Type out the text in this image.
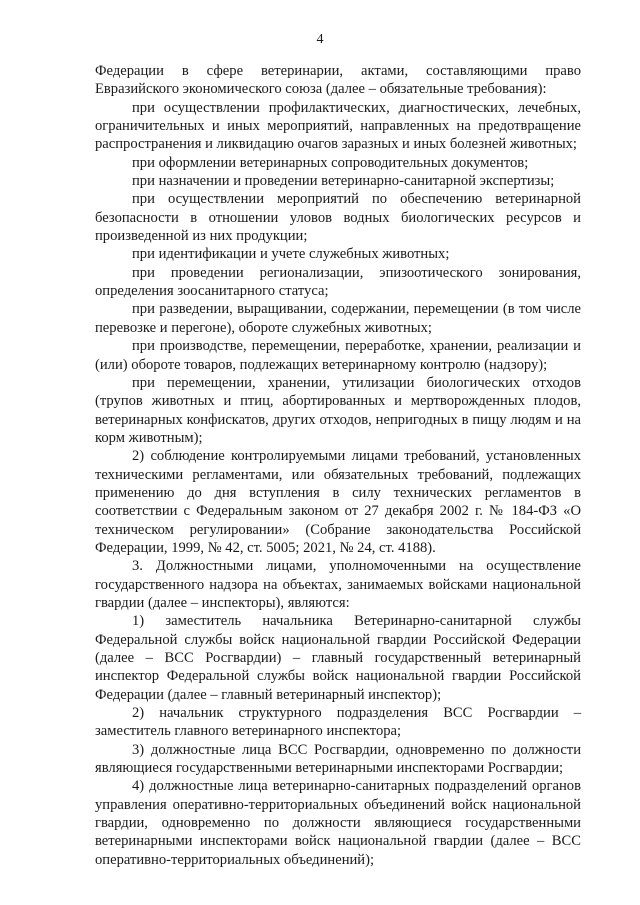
4

Федерации в сфере ветеринарии, актами, составляющими право Евразийского экономического союза (далее – обязательные требования):

при осуществлении профилактических, диагностических, лечебных, ограничительных и иных мероприятий, направленных на предотвращение распространения и ликвидацию очагов заразных и иных болезней животных;

при оформлении ветеринарных сопроводительных документов;

при назначении и проведении ветеринарно-санитарной экспертизы;

при осуществлении мероприятий по обеспечению ветеринарной безопасности в отношении уловов водных биологических ресурсов и произведенной из них продукции;

при идентификации и учете служебных животных;

при проведении регионализации, эпизоотического зонирования, определения зоосанитарного статуса;

при разведении, выращивании, содержании, перемещении (в том числе перевозке и перегоне), обороте служебных животных;

при производстве, перемещении, переработке, хранении, реализации и (или) обороте товаров, подлежащих ветеринарному контролю (надзору);

при перемещении, хранении, утилизации биологических отходов (трупов животных и птиц, абортированных и мертворожденных плодов, ветеринарных конфискатов, других отходов, непригодных в пищу людям и на корм животным);

2) соблюдение контролируемыми лицами требований, установленных техническими регламентами, или обязательных требований, подлежащих применению до дня вступления в силу технических регламентов в соответствии с Федеральным законом от 27 декабря 2002 г. № 184-ФЗ «О техническом регулировании» (Собрание законодательства Российской Федерации, 1999, № 42, ст. 5005; 2021, № 24, ст. 4188).

3. Должностными лицами, уполномоченными на осуществление государственного надзора на объектах, занимаемых войсками национальной гвардии (далее – инспекторы), являются:

1) заместитель начальника Ветеринарно-санитарной службы Федеральной службы войск национальной гвардии Российской Федерации (далее – ВСС Росгвардии) – главный государственный ветеринарный инспектор Федеральной службы войск национальной гвардии Российской Федерации (далее – главный ветеринарный инспектор);

2) начальник структурного подразделения ВСС Росгвардии – заместитель главного ветеринарного инспектора;

3) должностные лица ВСС Росгвардии, одновременно по должности являющиеся государственными ветеринарными инспекторами Росгвардии;

4) должностные лица ветеринарно-санитарных подразделений органов управления оперативно-территориальных объединений войск национальной гвардии, одновременно по должности являющиеся государственными ветеринарными инспекторами войск национальной гвардии (далее – ВСС оперативно-территориальных объединений);
